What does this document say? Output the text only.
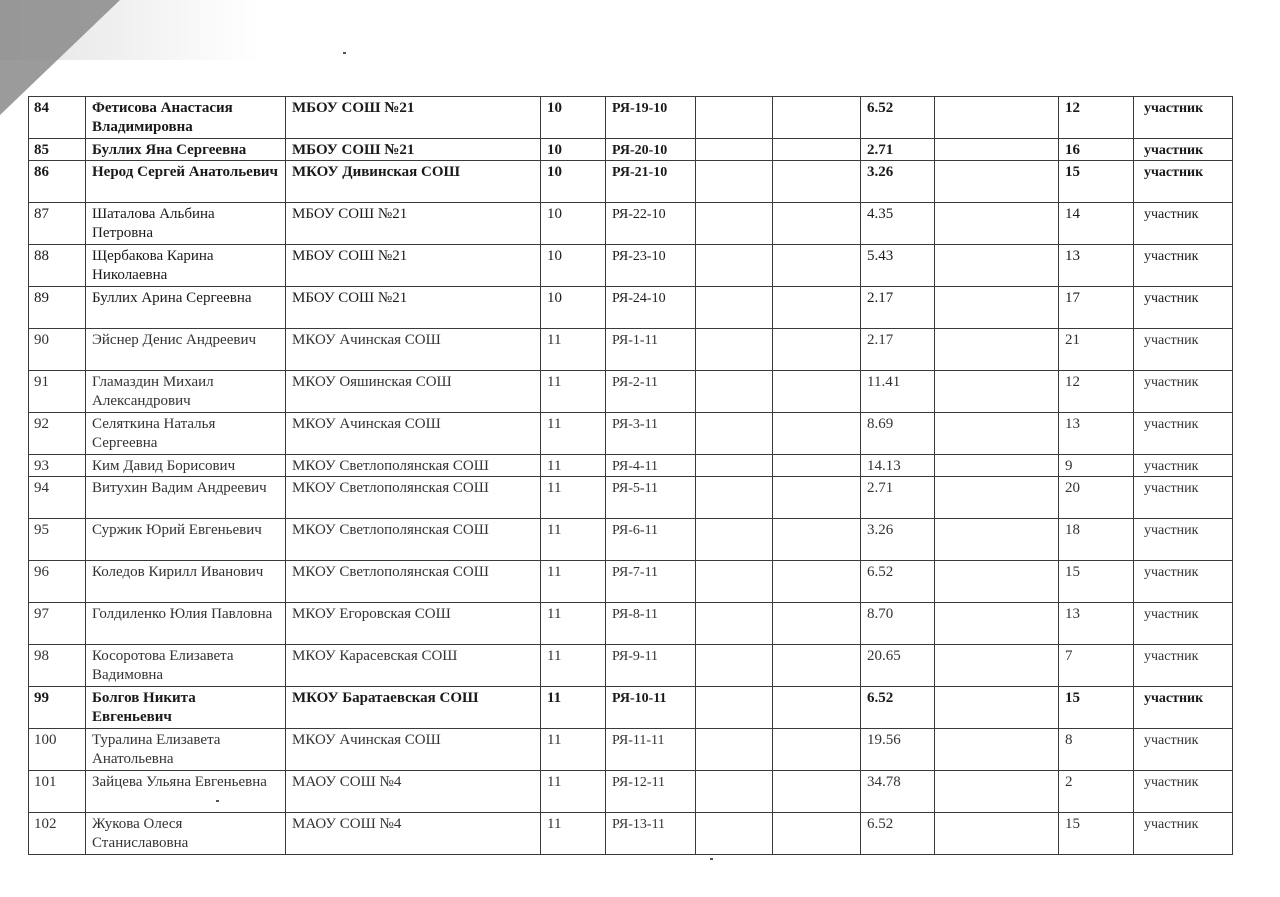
84	Фетисова Анастасия Владимировна	МБОУ СОШ №21	10	РЯ-19-10			6.52		12	участник
85	Буллих Яна Сергеевна	МБОУ СОШ №21	10	РЯ-20-10			2.71		16	участник
86	Нерод Сергей Анатольевич	МКОУ Дивинская СОШ	10	РЯ-21-10			3.26		15	участник
87	Шаталова Альбина Петровна	МБОУ СОШ №21	10	РЯ-22-10			4.35		14	участник
88	Щербакова Карина Николаевна	МБОУ СОШ №21	10	РЯ-23-10			5.43		13	участник
89	Буллих Арина Сергеевна	МБОУ СОШ №21	10	РЯ-24-10			2.17		17	участник
90	Эйснер Денис Андреевич	МКОУ Ачинская СОШ	11	РЯ-1-11			2.17		21	участник
91	Гламаздин Михаил Александрович	МКОУ Ояшинская СОШ	11	РЯ-2-11			11.41		12	участник
92	Селяткина Наталья Сергеевна	МКОУ Ачинская СОШ	11	РЯ-3-11			8.69		13	участник
93	Ким Давид Борисович	МКОУ Светлополянская СОШ	11	РЯ-4-11			14.13		9	участник
94	Витухин Вадим Андреевич	МКОУ Светлополянская СОШ	11	РЯ-5-11			2.71		20	участник
95	Суржик Юрий Евгеньевич	МКОУ Светлополянская СОШ	11	РЯ-6-11			3.26		18	участник
96	Коледов Кирилл Иванович	МКОУ Светлополянская СОШ	11	РЯ-7-11			6.52		15	участник
97	Голдиленко Юлия Павловна	МКОУ Егоровская СОШ	11	РЯ-8-11			8.70		13	участник
98	Косоротова Елизавета Вадимовна	МКОУ Карасевская СОШ	11	РЯ-9-11			20.65		7	участник
99	Болгов Никита Евгеньевич	МКОУ Баратаевская СОШ	11	РЯ-10-11			6.52		15	участник
100	Туралина Елизавета Анатольевна	МКОУ Ачинская СОШ	11	РЯ-11-11			19.56		8	участник
101	Зайцева Ульяна Евгеньевна	МАОУ СОШ №4	11	РЯ-12-11			34.78		2	участник
102	Жукова Олеся Станиславовна	МАОУ СОШ №4	11	РЯ-13-11			6.52		15	участник
